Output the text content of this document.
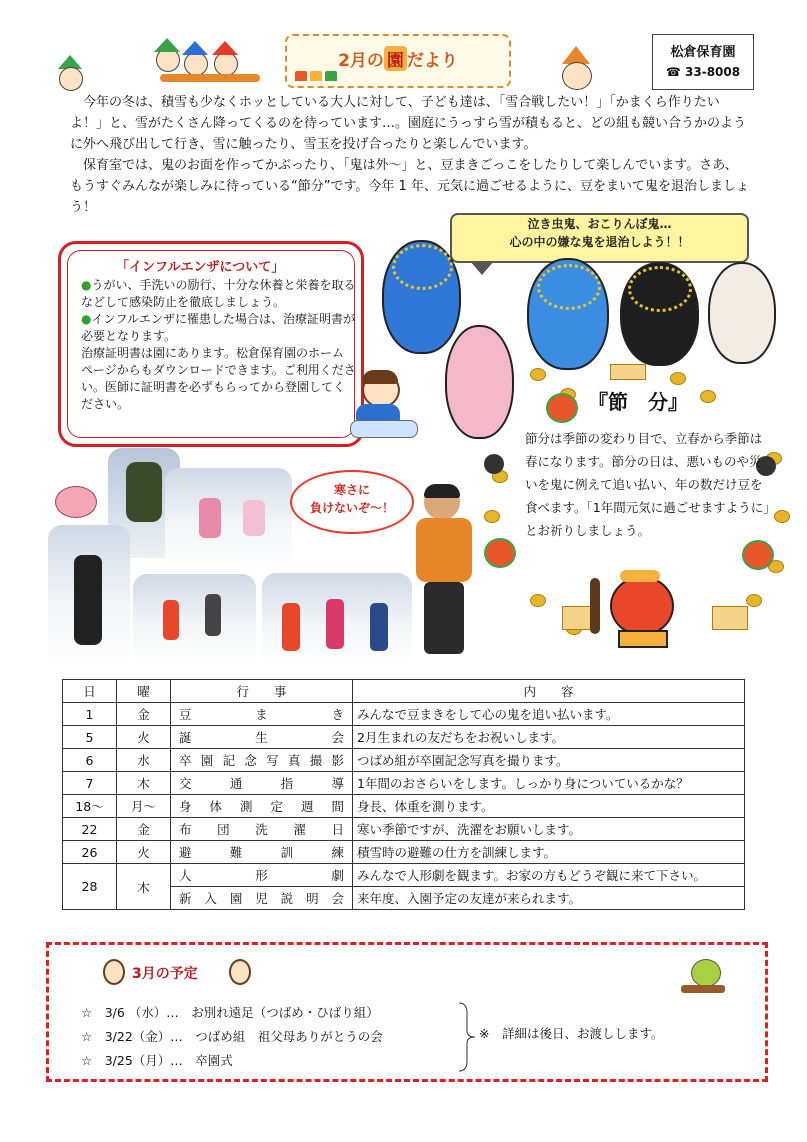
2月の 園 だより	松倉保育園
☎ 33-8008

今年の冬は、積雪も少なくホッとしている大人に対して、子ども達は、「雪合戦したい！」「かまくら作りたいよ！」と、雪がたくさん降ってくるのを待っています…。園庭にうっすら雪が積もると、どの組も競い合うかのように外へ飛び出して行き、雪に触ったり、雪玉を投げ合ったりと楽しんでいます。

保育室では、鬼のお面を作ってかぶったり、「鬼は外～」と、豆まきごっこをしたりして楽しんでいます。さあ、もうすぐみんなが楽しみに待っている“節分”です。今年 1 年、元気に過ごせるように、豆をまいて鬼を退治しましょう！

「インフルエンザについて」

●うがい、手洗いの励行、十分な休養と栄養を取るなどして感染防止を徹底しましょう。

●インフルエンザに罹患した場合は、治療証明書が必要となります。

治療証明書は園にあります。松倉保育園のホームページからもダウンロードできます。ご利用ください。医師に証明書を必ずもらってから登園してください。

泣き虫鬼、おこりんぼ鬼…
心の中の嫌な鬼を退治しよう！！
『節　分』
節分は季節の変わり目で、立春から季節は春になります。節分の日は、悪いものや災いを鬼に例えて追い払い、年の数だけ豆を食べます。「1年間元気に過ごせますように」とお祈りしましょう。
寒さに
負けないぞ～！
日	曜	行　　事	内　　容
1	金	豆まき	みんなで豆まきをして心の鬼を追い払います。
5	火	誕生会	2月生まれの友だちをお祝いします。
6	水	卒園記念写真撮影	つばめ組が卒園記念写真を撮ります。
7	木	交通指導	1年間のおさらいをします。しっかり身についているかな？
18～	月～	身体測定週間	身長、体重を測ります。
22	金	布団洗濯日	寒い季節ですが、洗濯をお願いします。
26	火	避難訓練	積雪時の避難の仕方を訓練します。
28	木	人形劇	みんなで人形劇を観ます。お家の方もどうぞ観に来て下さい。
		新入園児説明会	来年度、入園予定の友達が来られます。
3月の予定
☆　3/6 （水）…　お別れ遠足（つばめ・ひばり組）
☆　3/22（金）…　つばめ組　祖父母ありがとうの会
☆　3/25（月）…　卒園式
※　詳細は後日、お渡しします。
